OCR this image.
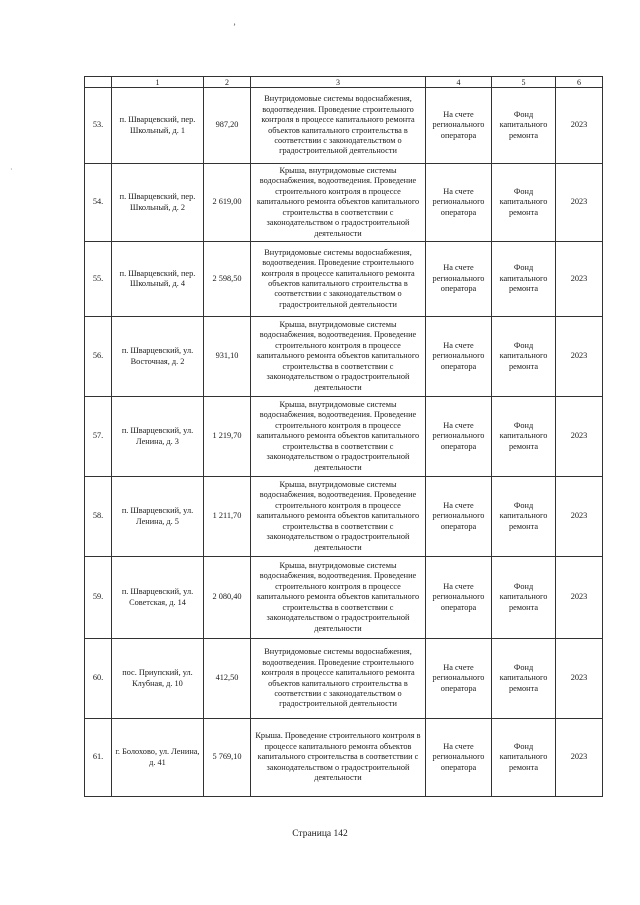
ʼ
·
	1	2	3	4	5	6
53.	п. Шварцевский, пер. Школьный, д. 1	987,20	Внутридомовые системы водоснабжения, водоотведения. Проведение строительного контроля в процессе капитального ремонта объектов капитального строительства в соответствии с законодательством о градостроительной деятельности	На счете регионального оператора	Фонд капитального ремонта	2023
54.	п. Шварцевский, пер. Школьный, д. 2	2 619,00	Крыша, внутридомовые системы водоснабжения, водоотведения. Проведение строительного контроля в процессе капитального ремонта объектов капитального строительства в соответствии с законодательством о градостроительной деятельности	На счете регионального оператора	Фонд капитального ремонта	2023
55.	п. Шварцевский, пер. Школьный, д. 4	2 598,50	Внутридомовые системы водоснабжения, водоотведения. Проведение строительного контроля в процессе капитального ремонта объектов капитального строительства в соответствии с законодательством о градостроительной деятельности	На счете регионального оператора	Фонд капитального ремонта	2023
56.	п. Шварцевский, ул. Восточная, д. 2	931,10	Крыша, внутридомовые системы водоснабжения, водоотведения. Проведение строительного контроля в процессе капитального ремонта объектов капитального строительства в соответствии с законодательством о градостроительной деятельности	На счете регионального оператора	Фонд капитального ремонта	2023
57.	п. Шварцевский, ул. Ленина, д. 3	1 219,70	Крыша, внутридомовые системы водоснабжения, водоотведения. Проведение строительного контроля в процессе капитального ремонта объектов капитального строительства в соответствии с законодательством о градостроительной деятельности	На счете регионального оператора	Фонд капитального ремонта	2023
58.	п. Шварцевский, ул. Ленина, д. 5	1 211,70	Крыша, внутридомовые системы водоснабжения, водоотведения. Проведение строительного контроля в процессе капитального ремонта объектов капитального строительства в соответствии с законодательством о градостроительной деятельности	На счете регионального оператора	Фонд капитального ремонта	2023
59.	п. Шварцевский, ул. Советская, д. 14	2 080,40	Крыша, внутридомовые системы водоснабжения, водоотведения. Проведение строительного контроля в процессе капитального ремонта объектов капитального строительства в соответствии с законодательством о градостроительной деятельности	На счете регионального оператора	Фонд капитального ремонта	2023
60.	пос. Приупский, ул. Клубная, д. 10	412,50	Внутридомовые системы водоснабжения, водоотведения. Проведение строительного контроля в процессе капитального ремонта объектов капитального строительства в соответствии с законодательством о градостроительной деятельности	На счете регионального оператора	Фонд капитального ремонта	2023
61.	г. Болохово, ул. Ленина, д. 41	5 769,10	Крыша. Проведение строительного контроля в процессе капитального ремонта объектов капитального строительства в соответствии с законодательством о градостроительной деятельности	На счете регионального оператора	Фонд капитального ремонта	2023
Страница 142
